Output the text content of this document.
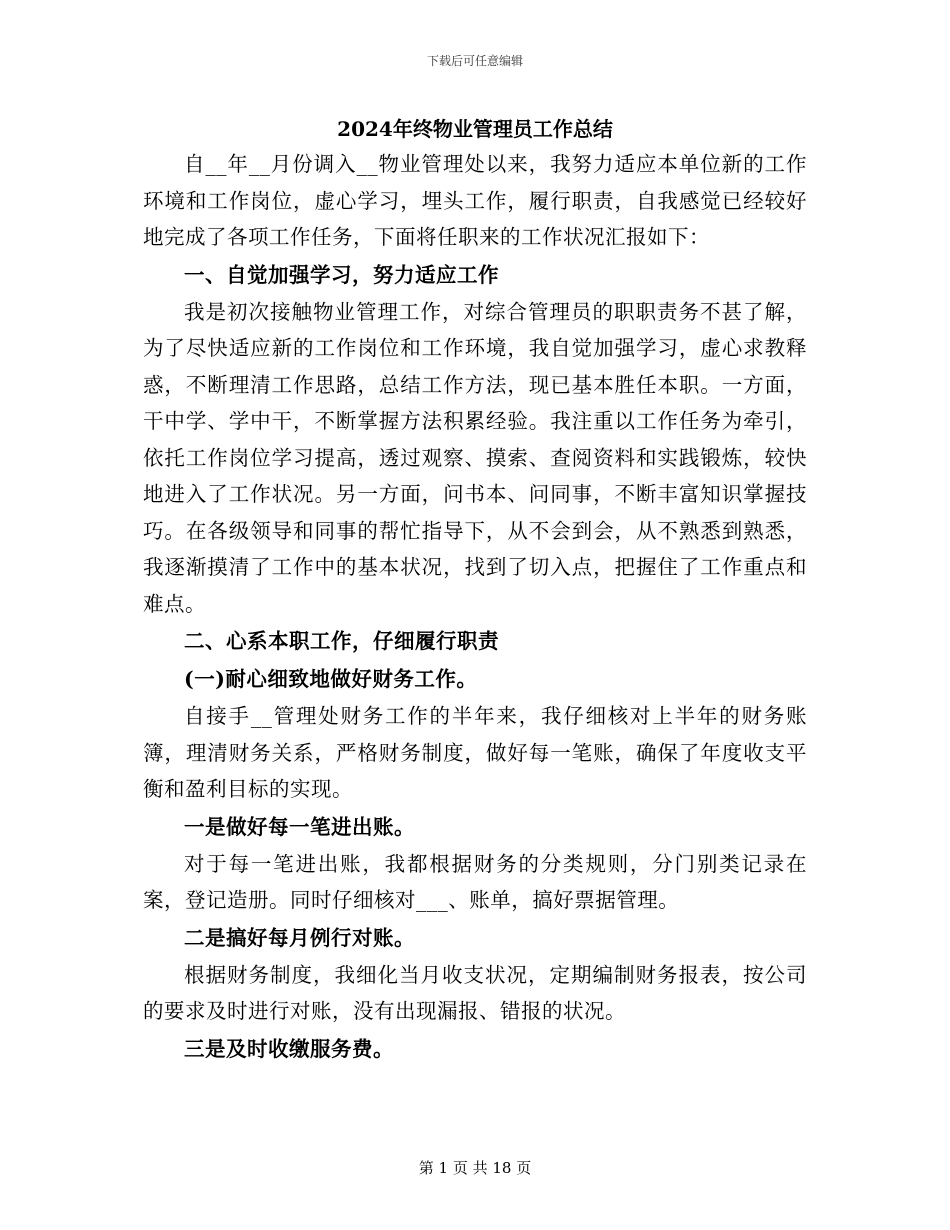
下载后可任意编辑
2024年终物业管理员工作总结

自__年__月份调入__物业管理处以来，我努力适应本单位新的工作环境和工作岗位，虚心学习，埋头工作，履行职责，自我感觉已经较好地完成了各项工作任务，下面将任职来的工作状况汇报如下：

一、自觉加强学习，努力适应工作

我是初次接触物业管理工作，对综合管理员的职职责务不甚了解，为了尽快适应新的工作岗位和工作环境，我自觉加强学习，虚心求教释惑，不断理清工作思路，总结工作方法，现已基本胜任本职。一方面，干中学、学中干，不断掌握方法积累经验。我注重以工作任务为牵引，依托工作岗位学习提高，透过观察、摸索、查阅资料和实践锻炼，较快地进入了工作状况。另一方面，问书本、问同事，不断丰富知识掌握技巧。在各级领导和同事的帮忙指导下，从不会到会，从不熟悉到熟悉，我逐渐摸清了工作中的基本状况，找到了切入点，把握住了工作重点和难点。

二、心系本职工作，仔细履行职责

(一)耐心细致地做好财务工作。

自接手__管理处财务工作的半年来，我仔细核对上半年的财务账簿，理清财务关系，严格财务制度，做好每一笔账，确保了年度收支平衡和盈利目标的实现。

一是做好每一笔进出账。

对于每一笔进出账，我都根据财务的分类规则，分门别类记录在案，登记造册。同时仔细核对___、账单，搞好票据管理。

二是搞好每月例行对账。

根据财务制度，我细化当月收支状况，定期编制财务报表，按公司的要求及时进行对账，没有出现漏报、错报的状况。

三是及时收缴服务费。

第 1 页 共 18 页
